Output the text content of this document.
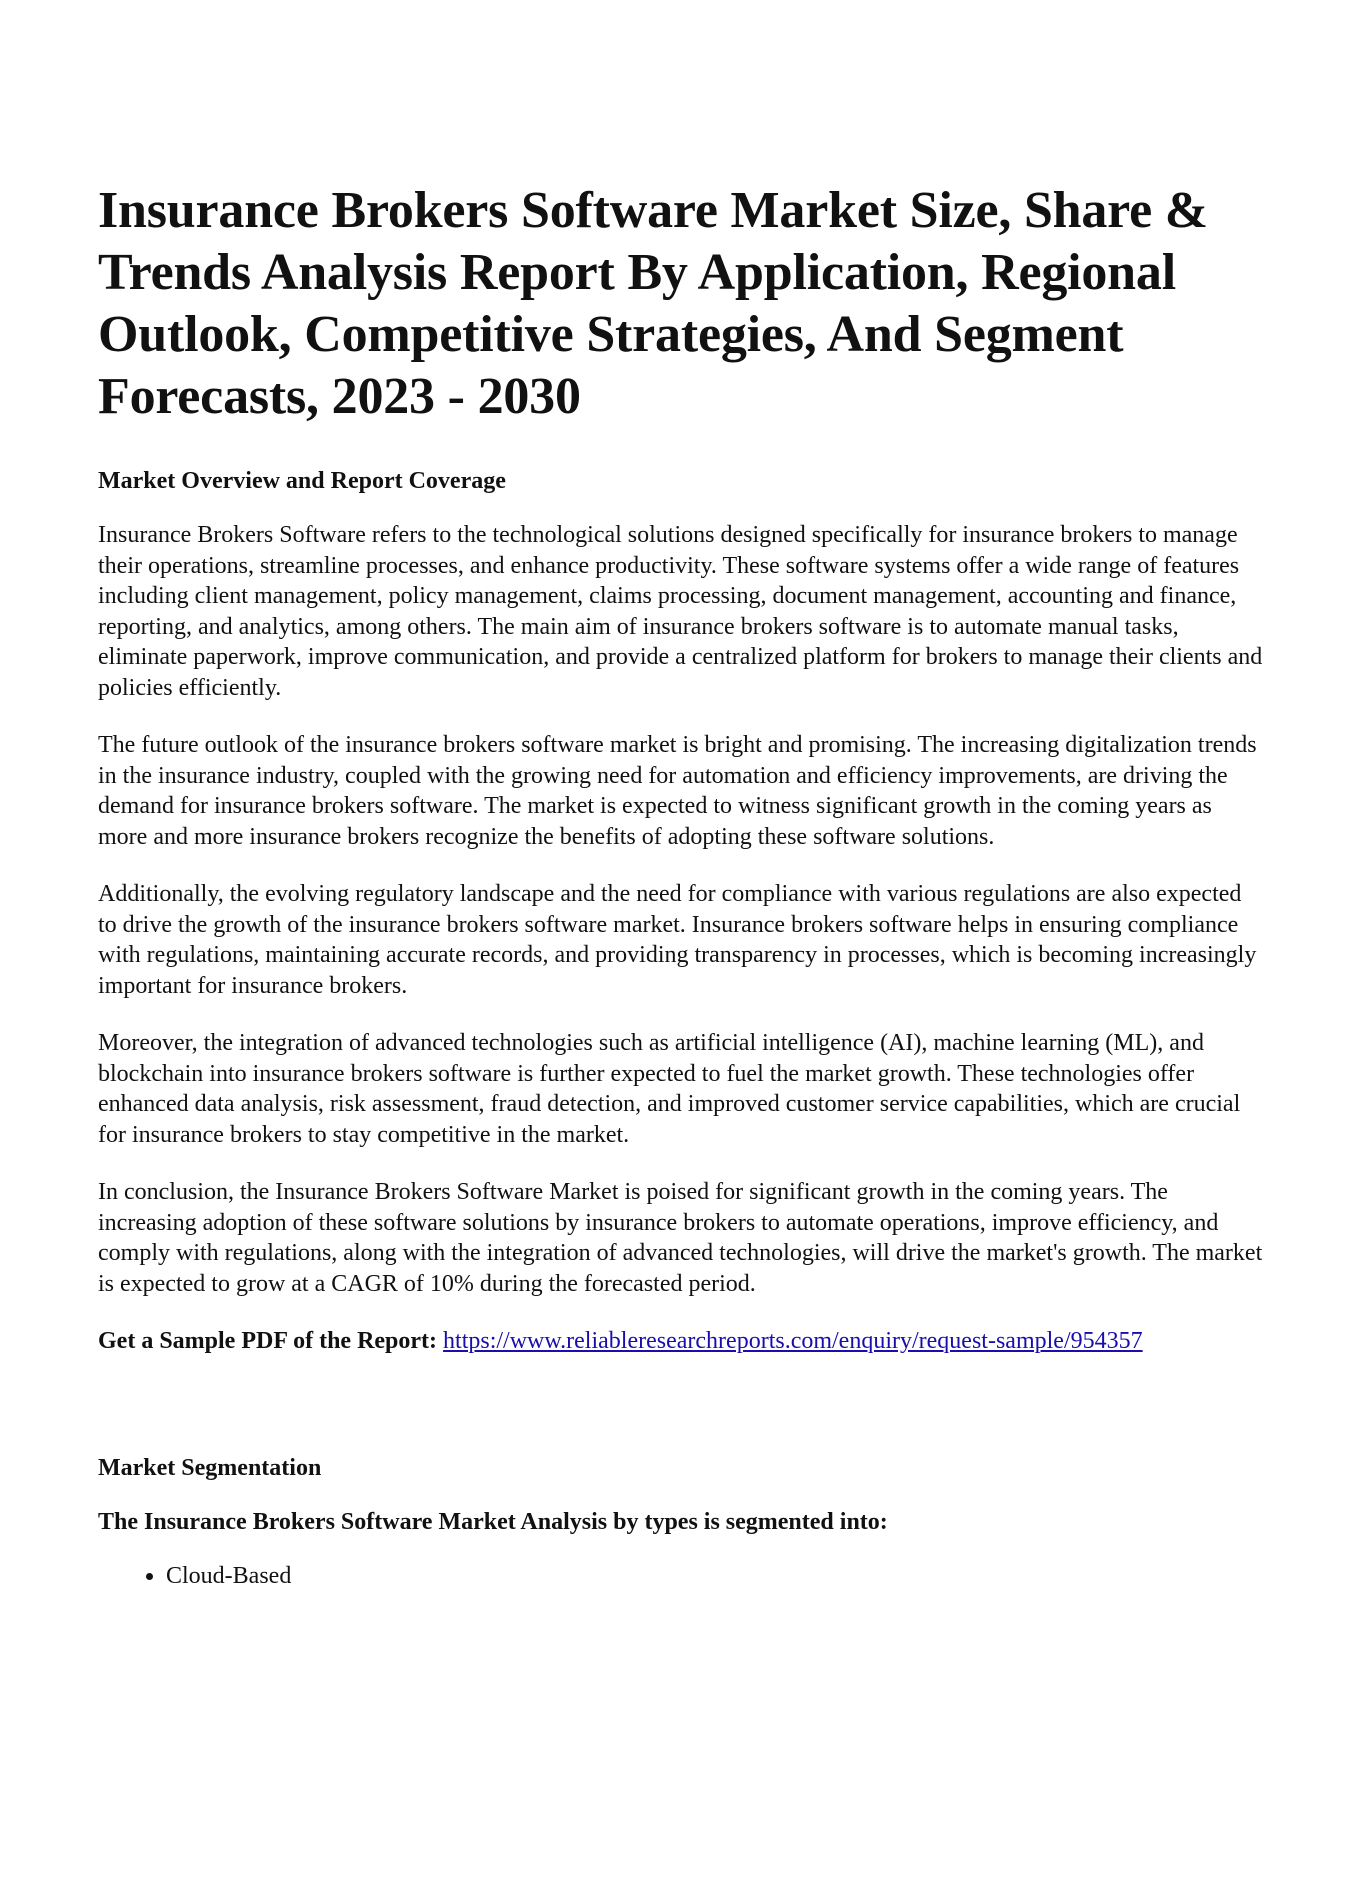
Insurance Brokers Software Market Size, Share & Trends Analysis Report By Application, Regional Outlook, Competitive Strategies, And Segment Forecasts, 2023 - 2030
Market Overview and Report Coverage

Insurance Brokers Software refers to the technological solutions designed specifically for insurance brokers to manage their operations, streamline processes, and enhance productivity. These software systems offer a wide range of features including client management, policy management, claims processing, document management, accounting and finance, reporting, and analytics, among others. The main aim of insurance brokers software is to automate manual tasks, eliminate paperwork, improve communication, and provide a centralized platform for brokers to manage their clients and policies efficiently.

The future outlook of the insurance brokers software market is bright and promising. The increasing digitalization trends in the insurance industry, coupled with the growing need for automation and efficiency improvements, are driving the demand for insurance brokers software. The market is expected to witness significant growth in the coming years as more and more insurance brokers recognize the benefits of adopting these software solutions.

Additionally, the evolving regulatory landscape and the need for compliance with various regulations are also expected to drive the growth of the insurance brokers software market. Insurance brokers software helps in ensuring compliance with regulations, maintaining accurate records, and providing transparency in processes, which is becoming increasingly important for insurance brokers.

Moreover, the integration of advanced technologies such as artificial intelligence (AI), machine learning (ML), and blockchain into insurance brokers software is further expected to fuel the market growth. These technologies offer enhanced data analysis, risk assessment, fraud detection, and improved customer service capabilities, which are crucial for insurance brokers to stay competitive in the market.

In conclusion, the Insurance Brokers Software Market is poised for significant growth in the coming years. The increasing adoption of these software solutions by insurance brokers to automate operations, improve efficiency, and comply with regulations, along with the integration of advanced technologies, will drive the market's growth. The market is expected to grow at a CAGR of 10% during the forecasted period.

Get a Sample PDF of the Report: https://www.reliableresearchreports.com/enquiry/request-sample/954357
Market Segmentation
The Insurance Brokers Software Market Analysis by types is segmented into:
• Cloud-Based
